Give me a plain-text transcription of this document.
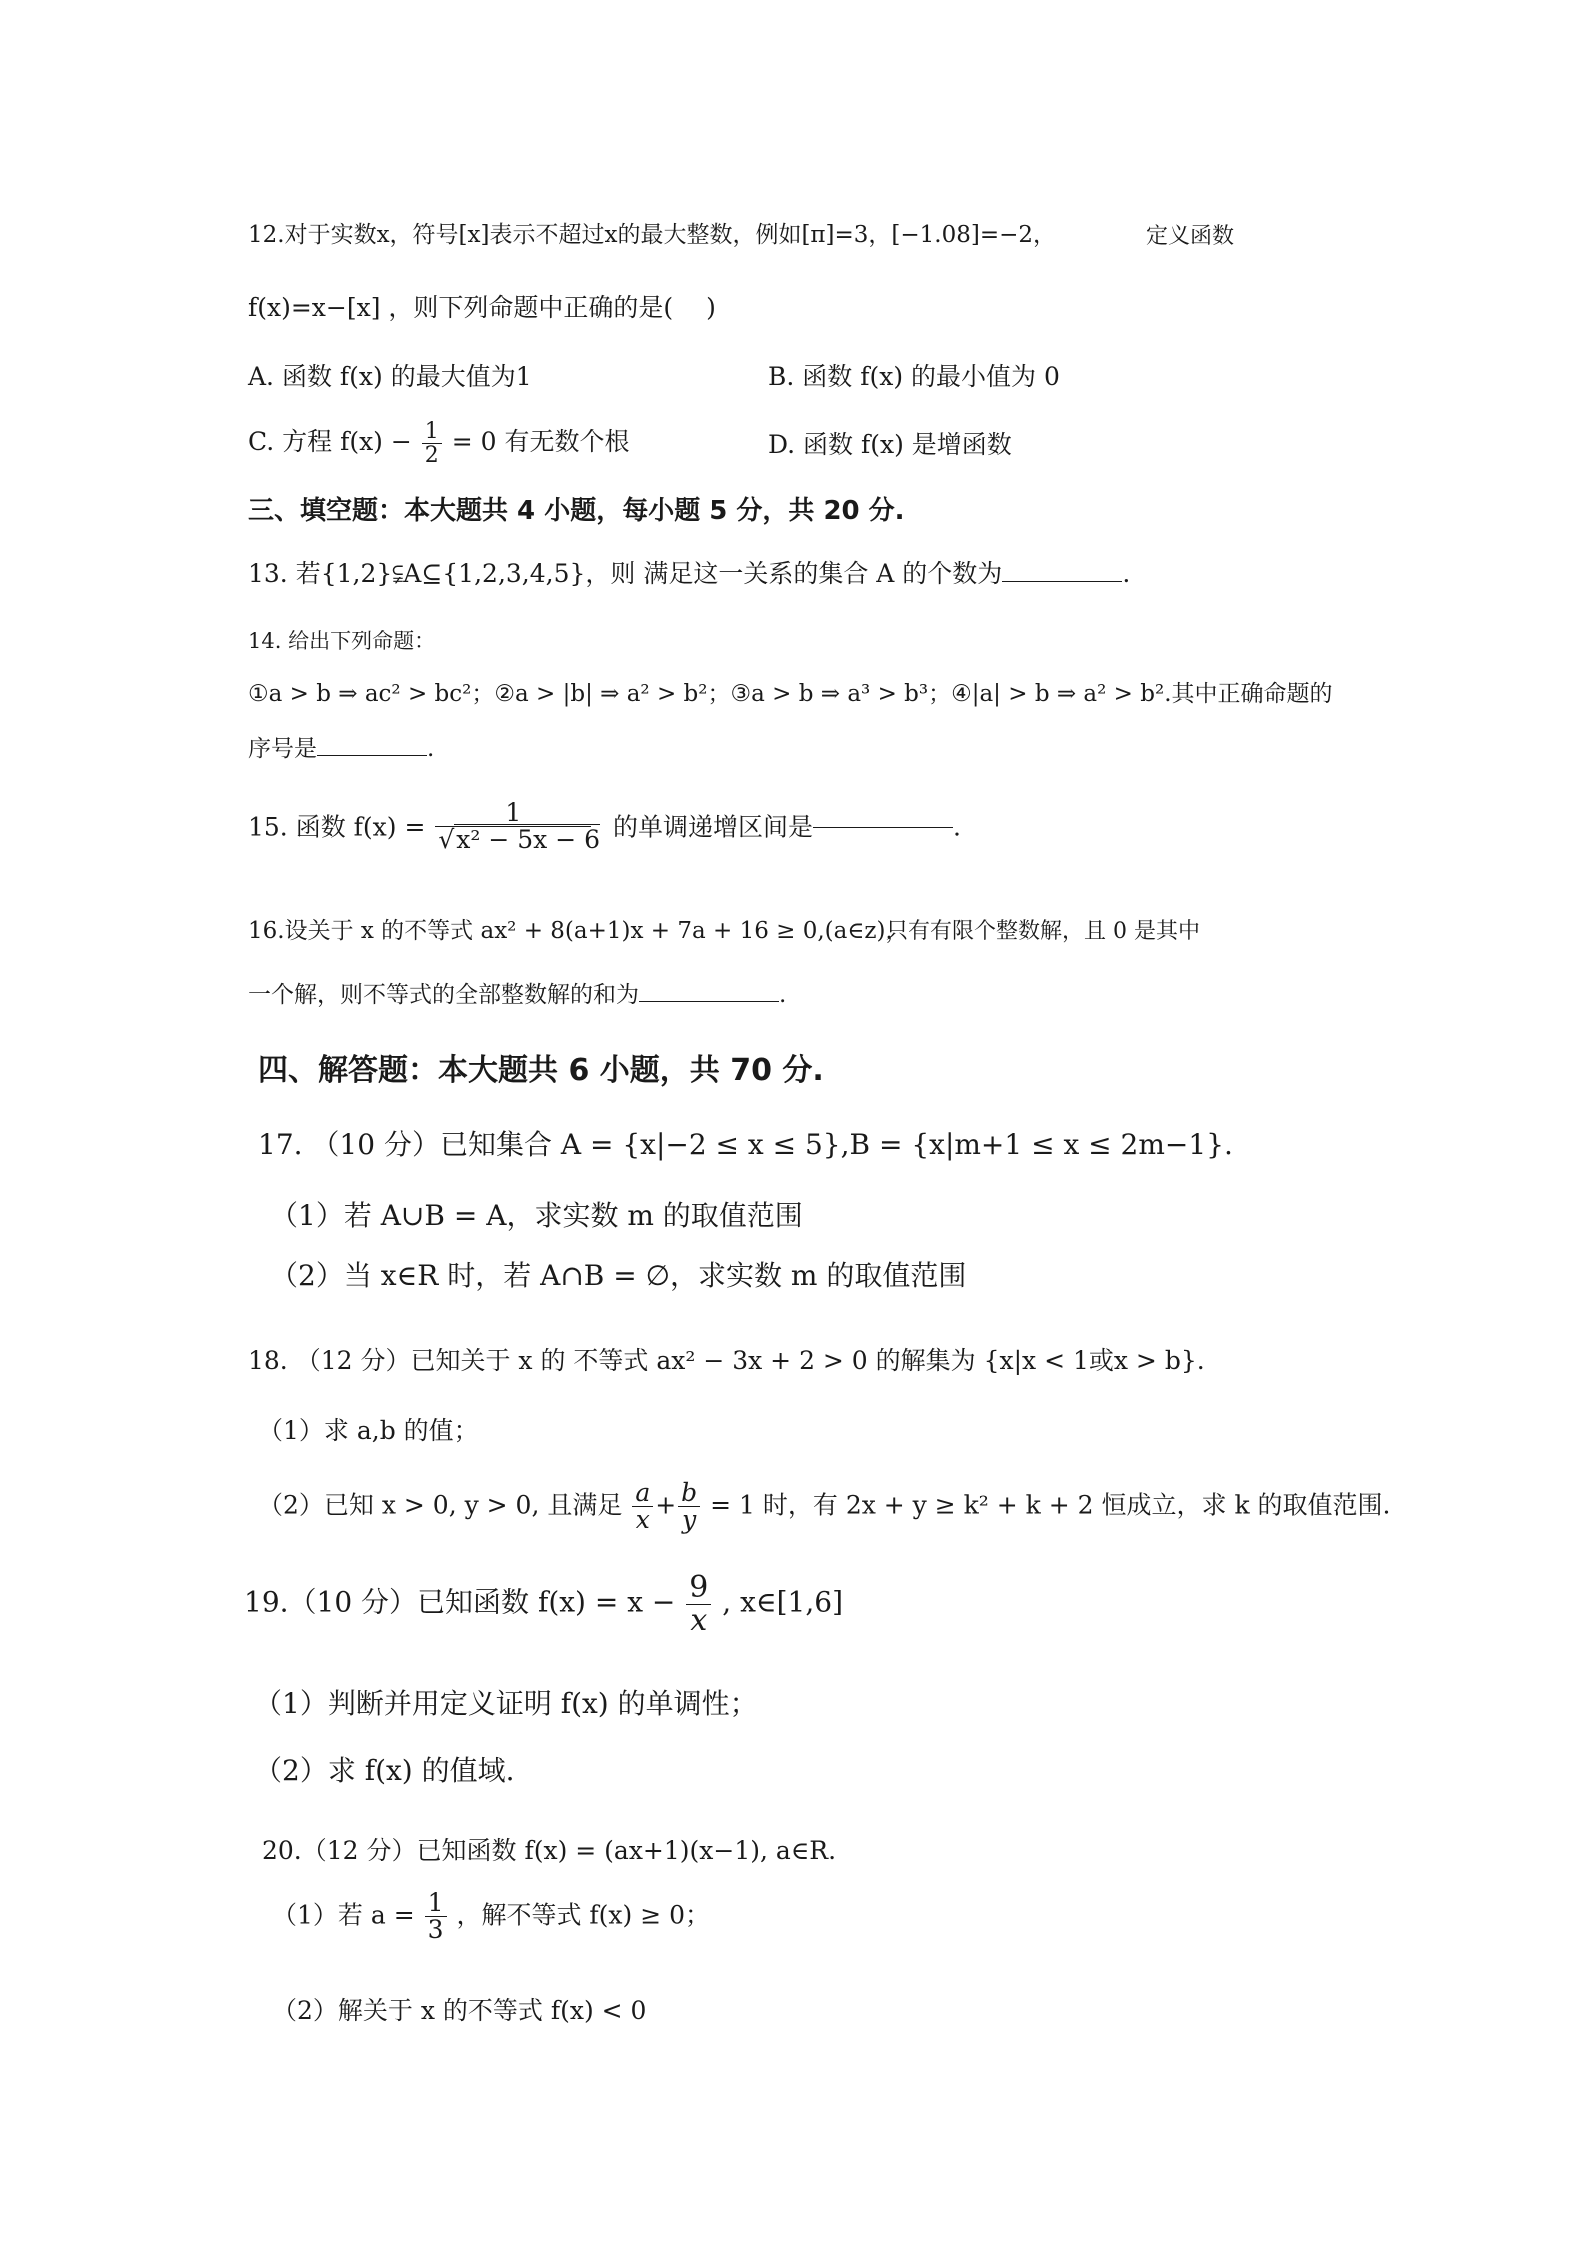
12.对于实数x，符号[x]表示不超过x的最大整数，例如[π]=3，[−1.08]=−2，	定义函数
f(x)=x−[x] ，则下列命题中正确的是(　 )
A. 函数 f(x) 的最大值为1	B. 函数 f(x) 的最小值为 0
C. 方程 $f(x) - \frac{1}{2} = 0$ 有无数个根	D. 函数 f(x) 是增函数
三、填空题：本大题共 4 小题，每小题 5 分，共 20 分.
13. 若{1,2}⫋A⊆{1,2,3,4,5}，则 满足这一关系的集合 A 的个数为	.
14. 给出下列命题：
①a > b ⇒ ac² > bc²；②a > |b| ⇒ a² > b²；③a > b ⇒ a³ > b³；④|a| > b ⇒ a² > b².其中正确命题的
序号是	.
15. 函数 $f(x) = \frac{1}{\text{√x² − 5x − 6}}$ 的单调递增区间是	.
16.设关于 x 的不等式 ax² + 8(a+1)x + 7a + 16 ≥ 0,(a∈z)，
只有有限个整数解，且 0 是其中
一个解，则不等式的全部整数解的和为	.
四、解答题：本大题共 6 小题，共 70 分.
17. （10 分）已知集合 A = {x|−2 ≤ x ≤ 5},B = {x|m+1 ≤ x ≤ 2m−1}.
（1）若 A∪B = A，求实数 m 的取值范围
（2）当 x∈R 时，若 A∩B = ∅，求实数 m 的取值范围
18. （12 分）已知关于 x 的 不等式 ax² − 3x + 2 > 0 的解集为 {x|x < 1或x > b}.
（1）求 a,b 的值；
（2）已知 x > 0, y > 0, 且满足 $\frac{a}{x} + \frac{b}{y} = 1$ 时，有 2x + y ≥ k² + k + 2 恒成立，求 k 的取值范围.
19.（10 分）已知函数 $f(x) = x - \frac{9}{x}$ , x∈[1,6]
（1）判断并用定义证明 f(x) 的单调性；
（2）求 f(x) 的值域.
20.（12 分）已知函数 f(x) = (ax+1)(x−1), a∈R.
（1）若 $a = \frac{1}{3}$ ，解不等式 f(x) ≥ 0；
（2）解关于 x 的不等式 f(x) < 0
